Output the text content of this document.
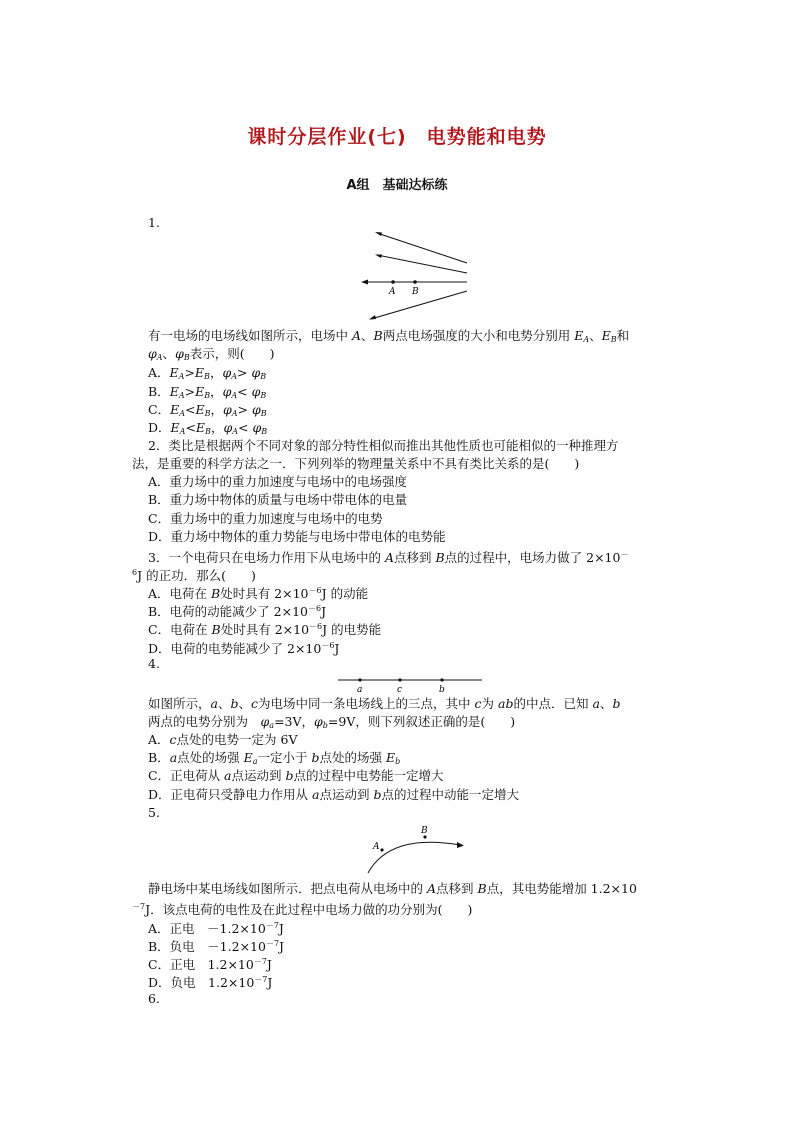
课时分层作业(七)　电势能和电势
A组　基础达标练
1.
A B
有一电场的电场线如图所示，电场中 A、B两点电场强度的大小和电势分别用 $E_A$、$E_B$和
$\varphi_A$、$\varphi_B$表示，则(　　)
A．$E_A>E_B$，$\varphi_A> \varphi_B$
B．$E_A>E_B$，$\varphi_A< \varphi_B$
C．$E_A<E_B$，$\varphi_A> \varphi_B$
D．$E_A<E_B$，$\varphi_A< \varphi_B$
2．类比是根据两个不同对象的部分特性相似而推出其他性质也可能相似的一种推理方
法，是重要的科学方法之一．下列列举的物理量关系中不具有类比关系的是(　　)
A．重力场中的重力加速度与电场中的电场强度
B．重力场中物体的质量与电场中带电体的电量
C．重力场中的重力加速度与电场中的电势
D．重力场中物体的重力势能与电场中带电体的电势能
3．一个电荷只在电场力作用下从电场中的 A点移到 B点的过程中，电场力做了 2×10－
$^6$J 的正功．那么(　　)
A．电荷在 B处时具有 $2\times 10^{-6}J$ 的动能
B．电荷的动能减少了 $2\times 10^{-6}J$
C．电荷在 B处时具有 $2\times 10^{-6}J$ 的电势能
D．电荷的电势能减少了 $2\times 10^{-6}J$
4.
a	c	b
如图所示，a、b、c为电场中同一条电场线上的三点，其中 c为 ab的中点．已知 a、b
两点的电势分别为　$\varphi_a=3V$，$\varphi_b=9V$，则下列叙述正确的是(　　)
A．c点处的电势一定为 6V
B．a点处的场强 $E_a$一定小于 b点处的场强 $E_b$
C．正电荷从 a点运动到 b点的过程中电势能一定增大
D．正电荷只受静电力作用从 a点运动到 b点的过程中动能一定增大
5.
A
B
静电场中某电场线如图所示．把点电荷从电场中的 A点移到 B点，其电势能增加 1.2×10
$^{-7}$J．该点电荷的电性及在此过程中电场力做的功分别为(　　)
A．正电　$-1.2\times 10^{-7}J$
B．负电　$-1.2\times 10^{-7}J$
C．正电　$1.2\times 10^{-7}J$
D．负电　$1.2\times 10^{-7}J$
6.
